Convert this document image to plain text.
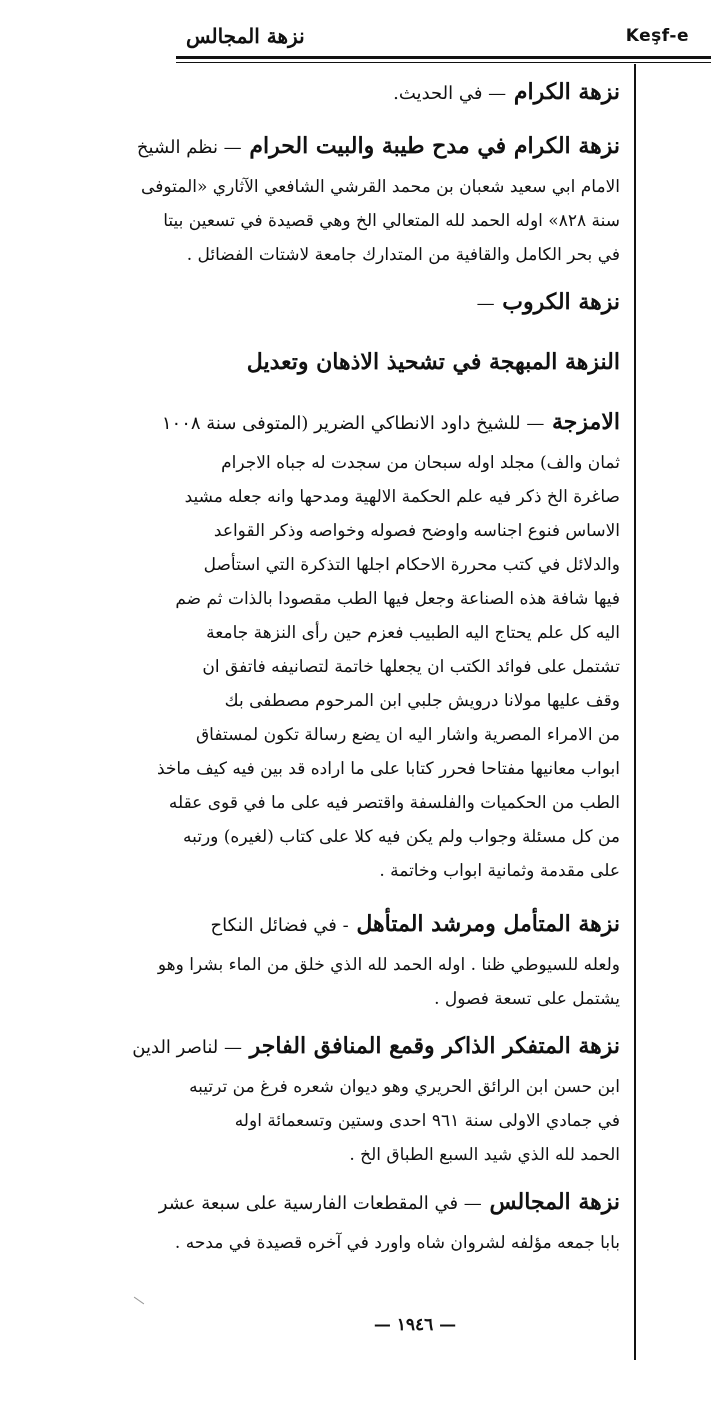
Keşf-e
نزهة المجالس

نزهة الكرام — في الحديث.

نزهة الكرام في مدح طيبة والبيت الحرام — نظم الشيخ

الامام ابي سعيد شعبان بن محمد القرشي الشافعي الآثاري «المتوفى

سنة ٨٢٨» اوله الحمد لله المتعالي الخ وهي قصيدة في تسعين بيتا

في بحر الكامل والقافية من المتدارك جامعة لاشتات الفضائل .

نزهة الكروب —

النزهة المبهجة في تشحيذ الاذهان وتعديل

الامزجة — للشيخ داود الانطاكي الضرير (المتوفى سنة ١٠٠٨

ثمان والف) مجلد اوله سبحان من سجدت له جباه الاجرام

صاغرة الخ ذكر فيه علم الحكمة الالهية ومدحها وانه جعله مشيد

الاساس فنوع اجناسه واوضح فصوله وخواصه وذكر القواعد

والدلائل في كتب محررة الاحكام اجلها التذكرة التي استأصل

فيها شافة هذه الصناعة وجعل فيها الطب مقصودا بالذات ثم ضم

اليه كل علم يحتاج اليه الطبيب فعزم حين رأى النزهة جامعة

تشتمل على فوائد الكتب ان يجعلها خاتمة لتصانيفه فاتفق ان

وقف عليها مولانا درويش جلبي ابن المرحوم مصطفى بك

من الامراء المصرية واشار اليه ان يضع رسالة تكون لمستفاق

ابواب معانيها مفتاحا فحرر كتابا على ما اراده قد بين فيه كيف ماخذ

الطب من الحكميات والفلسفة واقتصر فيه على ما في قوى عقله

من كل مسئلة وجواب ولم يكن فيه كلا على كتاب (لغيره) ورتبه

على مقدمة وثمانية ابواب وخاتمة .

نزهة المتأمل ومرشد المتأهل - في فضائل النكاح

ولعله للسيوطي ظنا . اوله الحمد لله الذي خلق من الماء بشرا وهو

يشتمل على تسعة فصول .

نزهة المتفكر الذاكر وقمع المنافق الفاجر — لناصر الدين

ابن حسن ابن الرائق الحريري وهو ديوان شعره فرغ من ترتيبه

في جمادي الاولى سنة ٩٦١ احدى وستين وتسعمائة اوله

الحمد لله الذي شيد السبع الطباق الخ .

نزهة المجالس — في المقطعات الفارسية على سبعة عشر

بابا جمعه مؤلفه لشروان شاه واورد في آخره قصيدة في مدحه .

— ١٩٤٦ —
